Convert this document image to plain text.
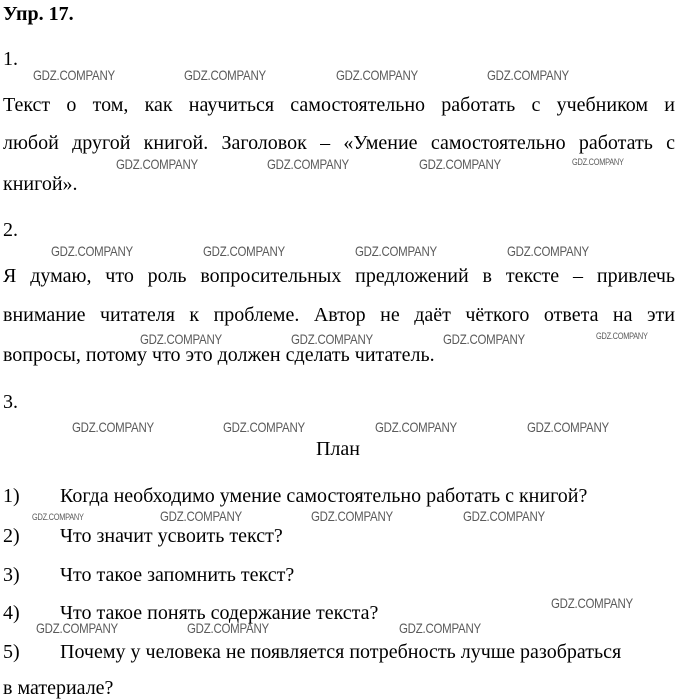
Упр. 17.
1.
Текст о том, как научиться самостоятельно работать с учебником и
любой другой книгой. Заголовок – «Умение самостоятельно работать с
книгой».
2.
Я думаю, что роль вопросительных предложений в тексте – привлечь
внимание читателя к проблеме. Автор не даёт чёткого ответа на эти
вопросы, потому что это должен сделать читатель.
3.
План
1) Когда необходимо умение самостоятельно работать с книгой?
2) Что значит усвоить текст?
3) Что такое запомнить текст?
4) Что такое понять содержание текста?
5) Почему у человека не появляется потребность лучше разобраться
в материале?
GDZ.COMPANY	GDZ.COMPANY	GDZ.COMPANY	GDZ.COMPANY
GDZ.COMPANY	GDZ.COMPANY	GDZ.COMPANY	GDZ.COMPANY
GDZ.COMPANY	GDZ.COMPANY	GDZ.COMPANY	GDZ.COMPANY
GDZ.COMPANY	GDZ.COMPANY	GDZ.COMPANY	GDZ.COMPANY
GDZ.COMPANY	GDZ.COMPANY	GDZ.COMPANY	GDZ.COMPANY
GDZ.COMPANY	GDZ.COMPANY	GDZ.COMPANY	GDZ.COMPANY
GDZ.COMPANY
GDZ.COMPANY	GDZ.COMPANY	GDZ.COMPANY
